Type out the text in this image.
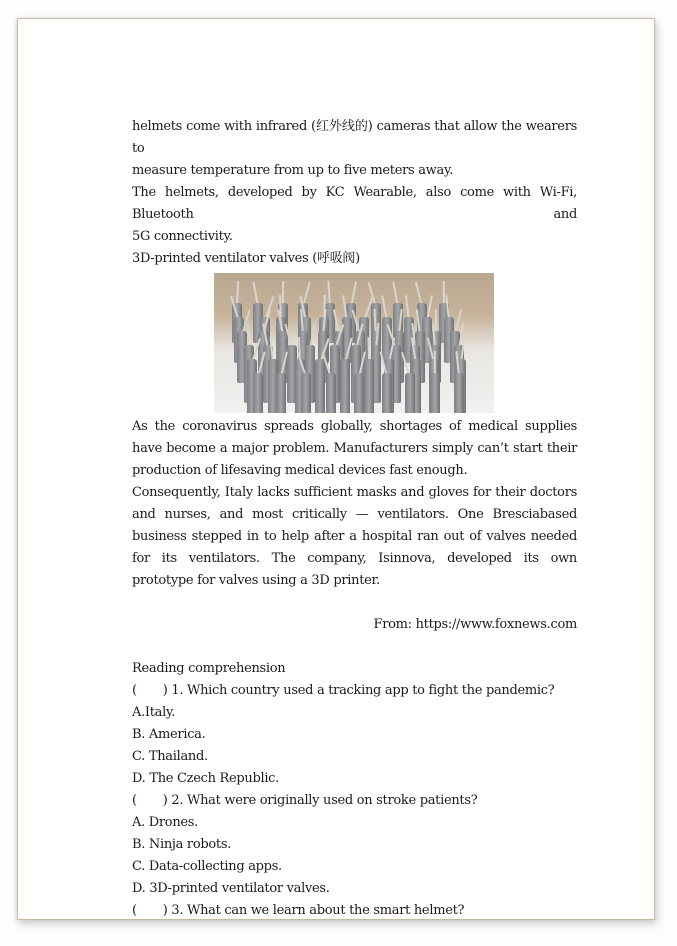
helmets come with infrared (红外线的) cameras that allow the wearers to
measure temperature from up to five meters away.
The helmets, developed by KC Wearable, also come with Wi-Fi, Bluetooth and
5G connectivity.
3D-printed ventilator valves (呼吸阀)
As the coronavirus spreads globally, shortages of medical supplies have become a major problem. Manufacturers simply can’t start their production of lifesaving medical devices fast enough.
Consequently, Italy lacks sufficient masks and gloves for their doctors and nurses, and most critically — ventilators. One Bresciabased business stepped in to help after a hospital ran out of valves needed for its ventilators. The company, Isinnova, developed its own prototype for valves using a 3D printer.
From: https://www.foxnews.com
Reading comprehension
( ) 1. Which country used a tracking app to fight the pandemic?
A.Italy.
B. America.
C. Thailand.
D. The Czech Republic.
( ) 2. What were originally used on stroke patients?
A. Drones.
B. Ninja robots.
C. Data-collecting apps.
D. 3D-printed ventilator valves.
( ) 3. What can we learn about the smart helmet?
